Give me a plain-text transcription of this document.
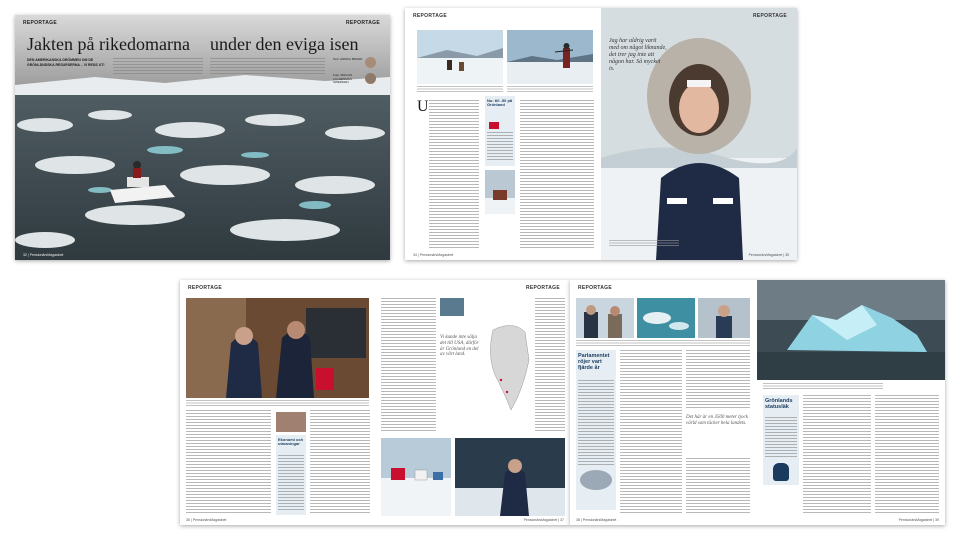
REPORTAGE	REPORTAGE
Jakten på rikedomarna under den eviga isen
DEN AMERIKANSKA DRÖMMEN OM DE GRÖNLÄNDSKA RESURSERNA – VI REDS UT!
Text: ANNIKA BRAND
Foto: MIKLOS LACHENMAN SWEDMAN
32 | PensionärsMagasinet
REPORTAGE
U	Nu: till -50 på Grönland
34 | PensionärsMagasinet
REPORTAGE
Jag har aldrig varit med om något liknande, det trer jag inte att någon har. Så mycket is.
PensionärsMagasinet | 35
REPORTAGE
Ekonomi och utmaningar
36 | PensionärsMagasinet
REPORTAGE
Vi kunde inte sälja det till USA, därför är Grönland en del av vårt land.
PensionärsMagasinet | 37
REPORTAGE
Parlamentet röjer vart fjärde år
Det här är en 3500 meter tjock värld som täcker hela landets.
38 | PensionärsMagasinet
Grönlands statusläk
PensionärsMagasinet | 39
